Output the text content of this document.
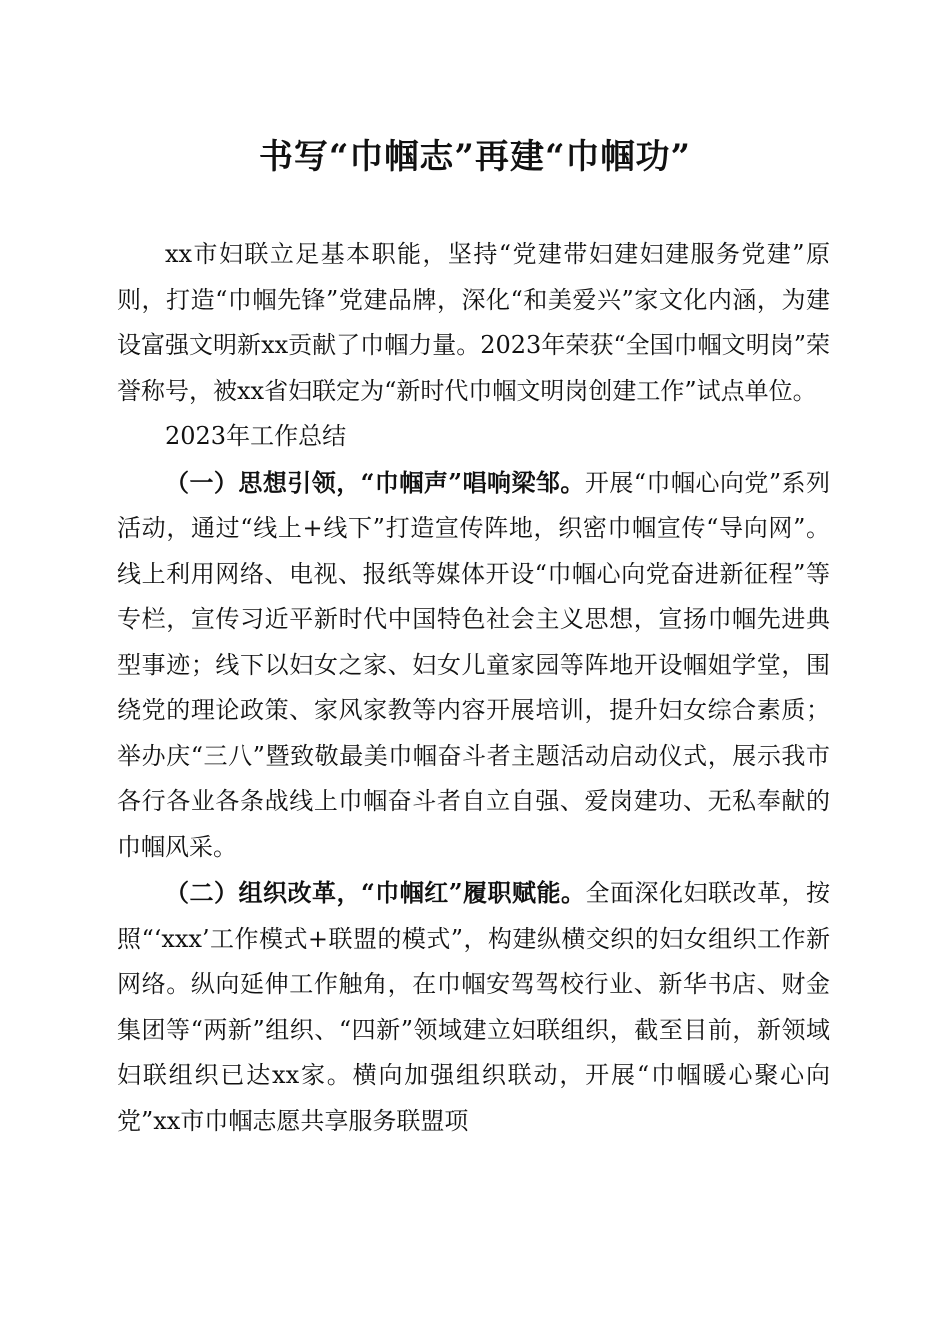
书写“巾帼志”再建“巾帼功”

xx市妇联立足基本职能，坚持“党建带妇建妇建服务党建”原则，打造“巾帼先锋”党建品牌，深化“和美爱兴”家文化内涵，为建设富强文明新xx贡献了巾帼力量。2023年荣获“全国巾帼文明岗”荣誉称号，被xx省妇联定为“新时代巾帼文明岗创建工作”试点单位。

2023年工作总结

（一）思想引领，“巾帼声”唱响梁邹。开展“巾帼心向党”系列活动，通过“线上+线下”打造宣传阵地，织密巾帼宣传“导向网”。线上利用网络、电视、报纸等媒体开设“巾帼心向党奋进新征程”等专栏，宣传习近平新时代中国特色社会主义思想，宣扬巾帼先进典型事迹；线下以妇女之家、妇女儿童家园等阵地开设帼姐学堂，围绕党的理论政策、家风家教等内容开展培训，提升妇女综合素质；举办庆“三八”暨致敬最美巾帼奋斗者主题活动启动仪式，展示我市各行各业各条战线上巾帼奋斗者自立自强、爱岗建功、无私奉献的巾帼风采。

（二）组织改革，“巾帼红”履职赋能。全面深化妇联改革，按照“‘xxx’工作模式+联盟的模式”，构建纵横交织的妇女组织工作新网络。纵向延伸工作触角，在巾帼安驾驾校行业、新华书店、财金集团等“两新”组织、“四新”领域建立妇联组织，截至目前，新领域妇联组织已达xx家。横向加强组织联动，开展“巾帼暖心聚心向党”xx市巾帼志愿共享服务联盟项
